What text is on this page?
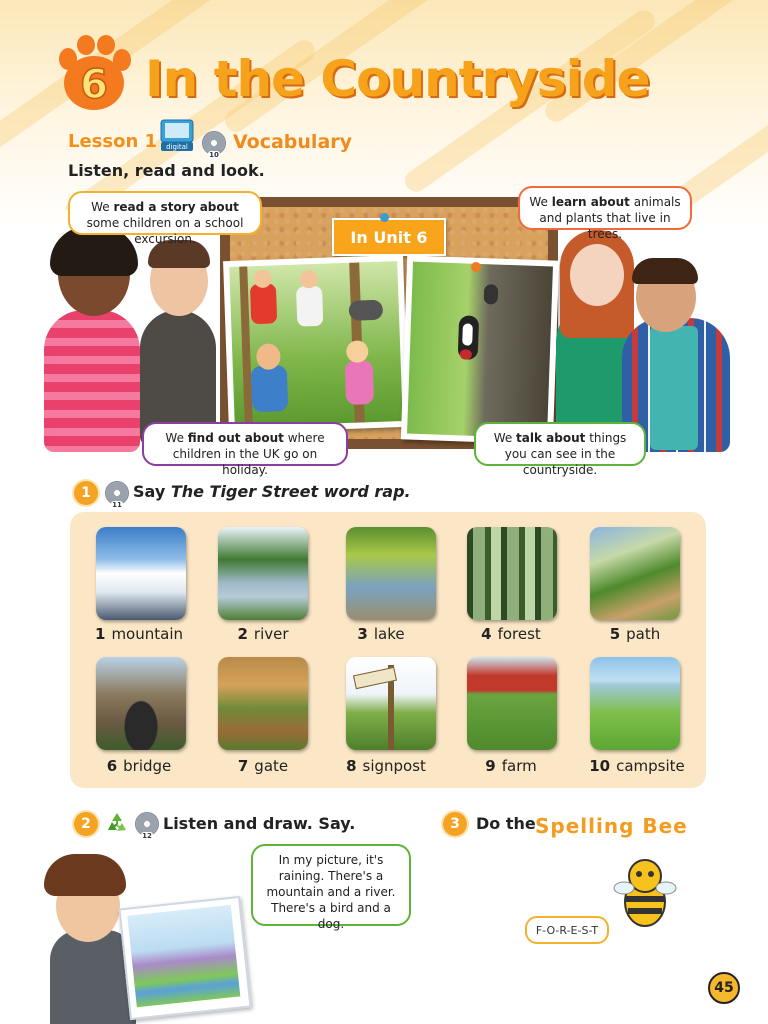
6 In the Countryside
Lesson 1 digital
10
Vocabulary
Listen, read and look.
In Unit 6
We read a story about some children on a school excursion.
We learn about animals and plants that live in trees.
We find out about where children in the UK go on holiday.
We talk about things you can see in the countryside.
1
11
Say The Tiger Street word rap.
1 mountain	2 river	3 lake	4 forest	5 path
6 bridge	7 gate	8 signpost	9 farm	10 campsite
2
12
Listen and draw. Say.
In my picture, it's raining. There's a mountain and a river. There's a bird and a dog.
3	Do the Spelling Bee
F-O-R-E-S-T
45
